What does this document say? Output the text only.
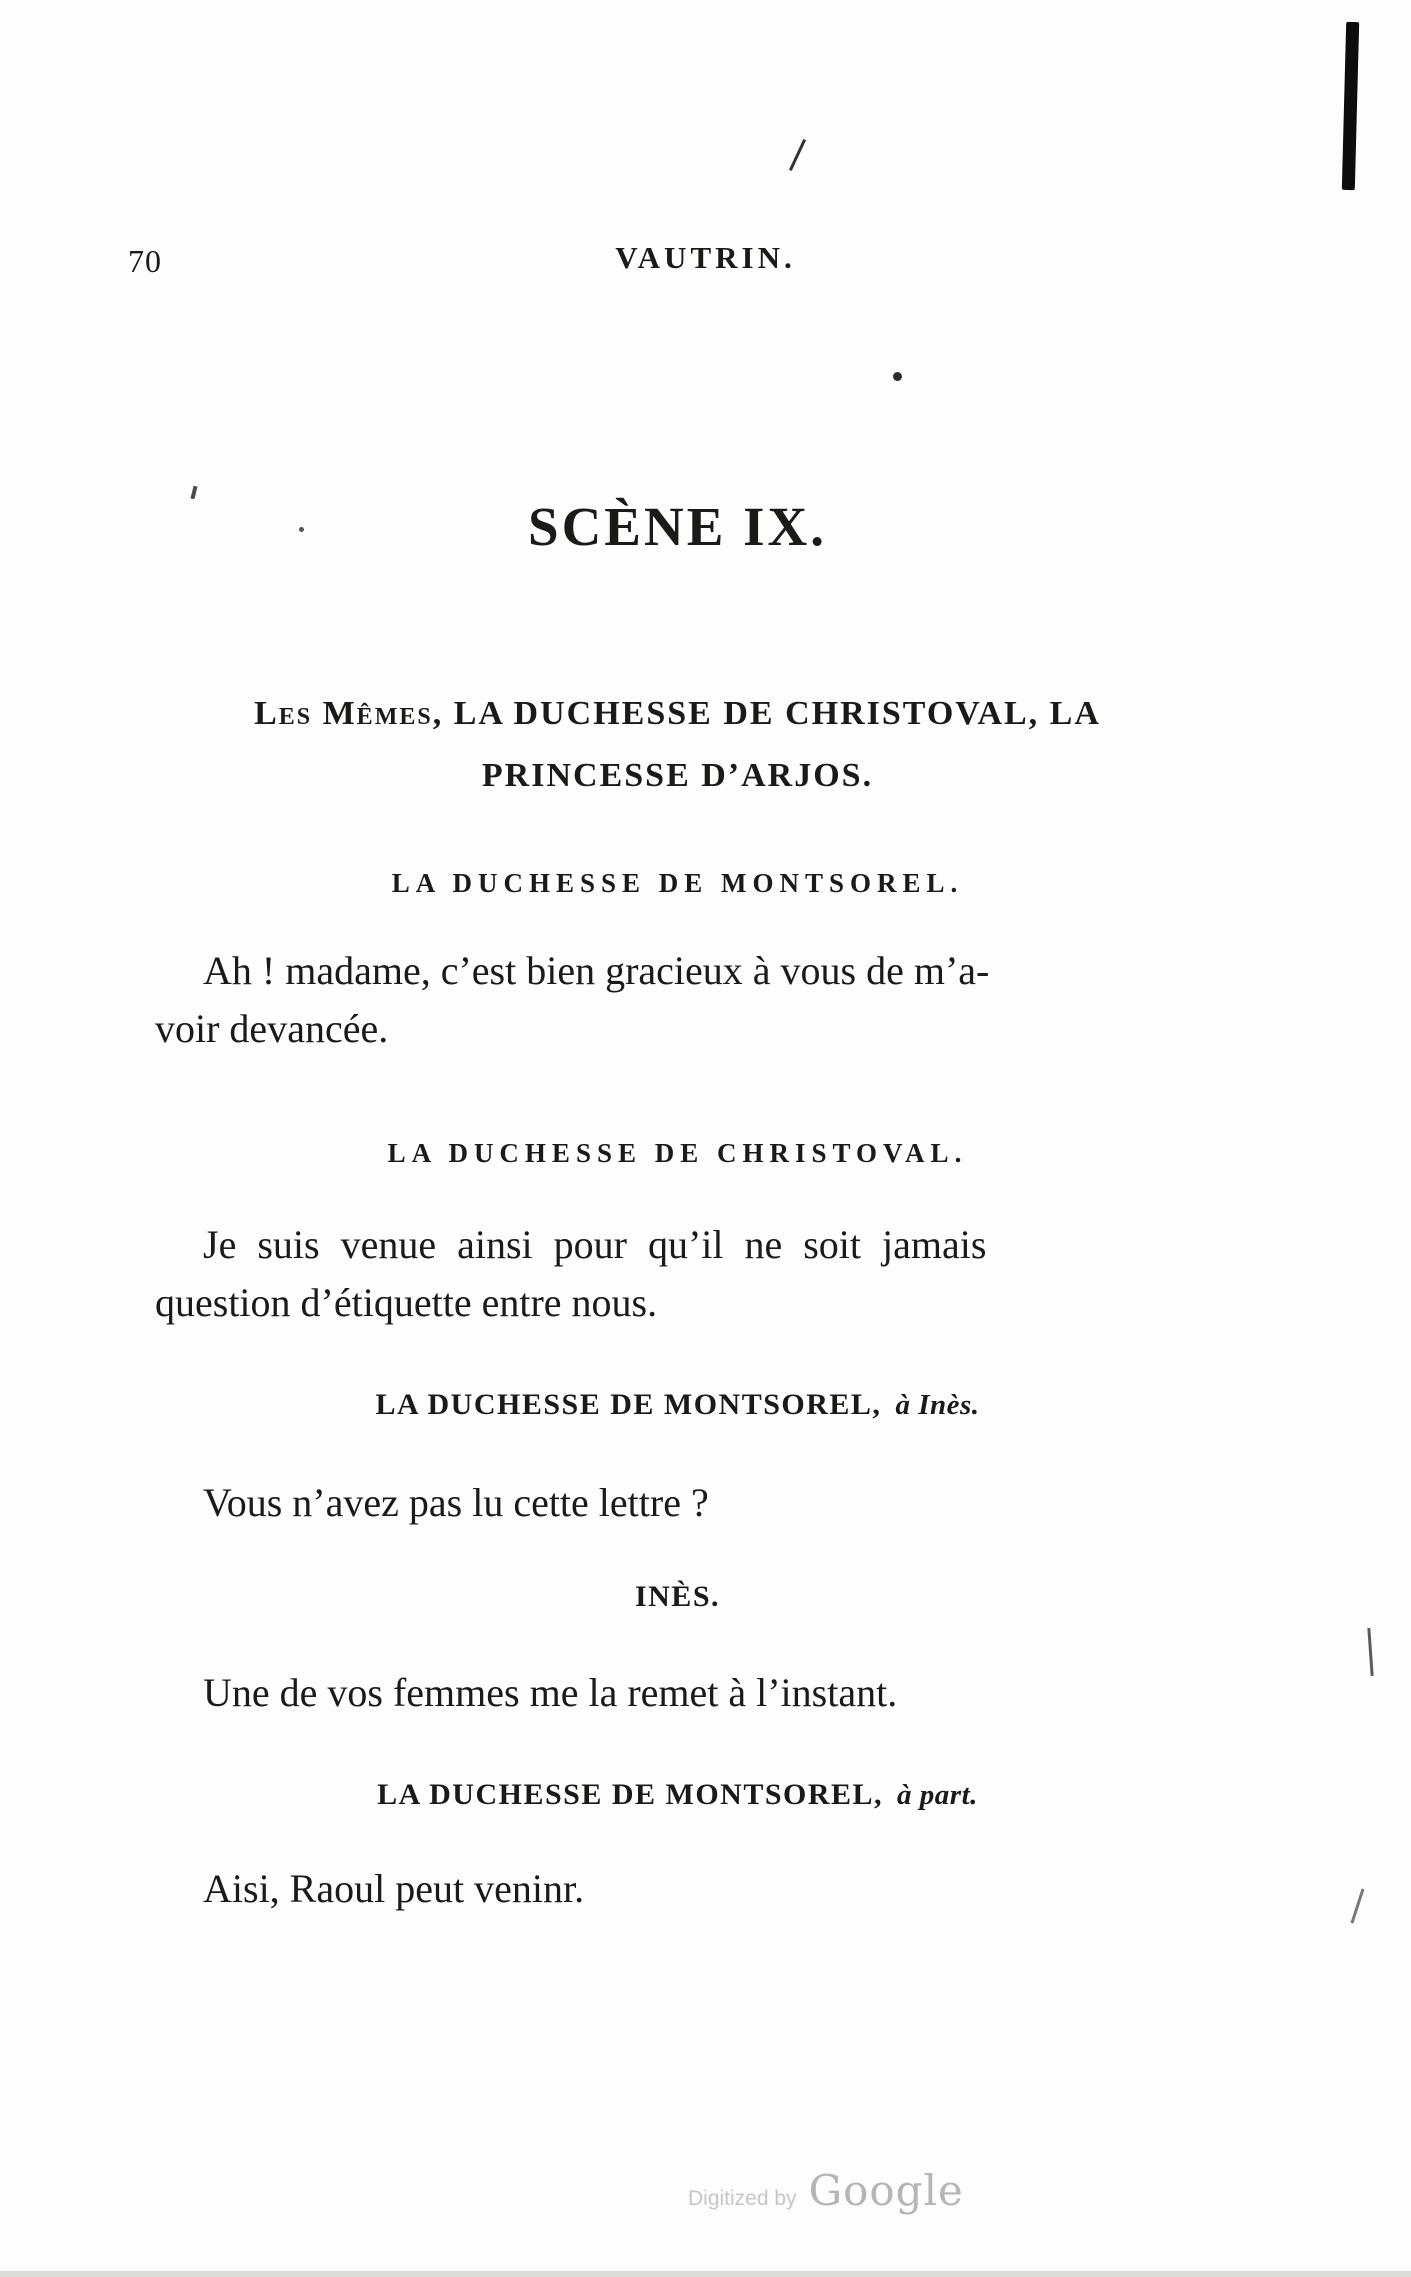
70	VAUTRIN.
SCÈNE IX.
Les Mêmes, LA DUCHESSE DE CHRISTOVAL, LA
PRINCESSE D’ARJOS.
LA DUCHESSE DE MONTSOREL.
Ah ! madame, c’est bien gracieux à vous de m’a-
voir devancée.
LA DUCHESSE DE CHRISTOVAL.
Je suis venue ainsi pour qu’il ne soit jamais
question d’étiquette entre nous.
LA DUCHESSE DE MONTSOREL, à Inès.
Vous n’avez pas lu cette lettre ?
INÈS.
Une de vos femmes me la remet à l’instant.
LA DUCHESSE DE MONTSOREL, à part.
Aisi, Raoul peut veninr.
Digitized by Google
